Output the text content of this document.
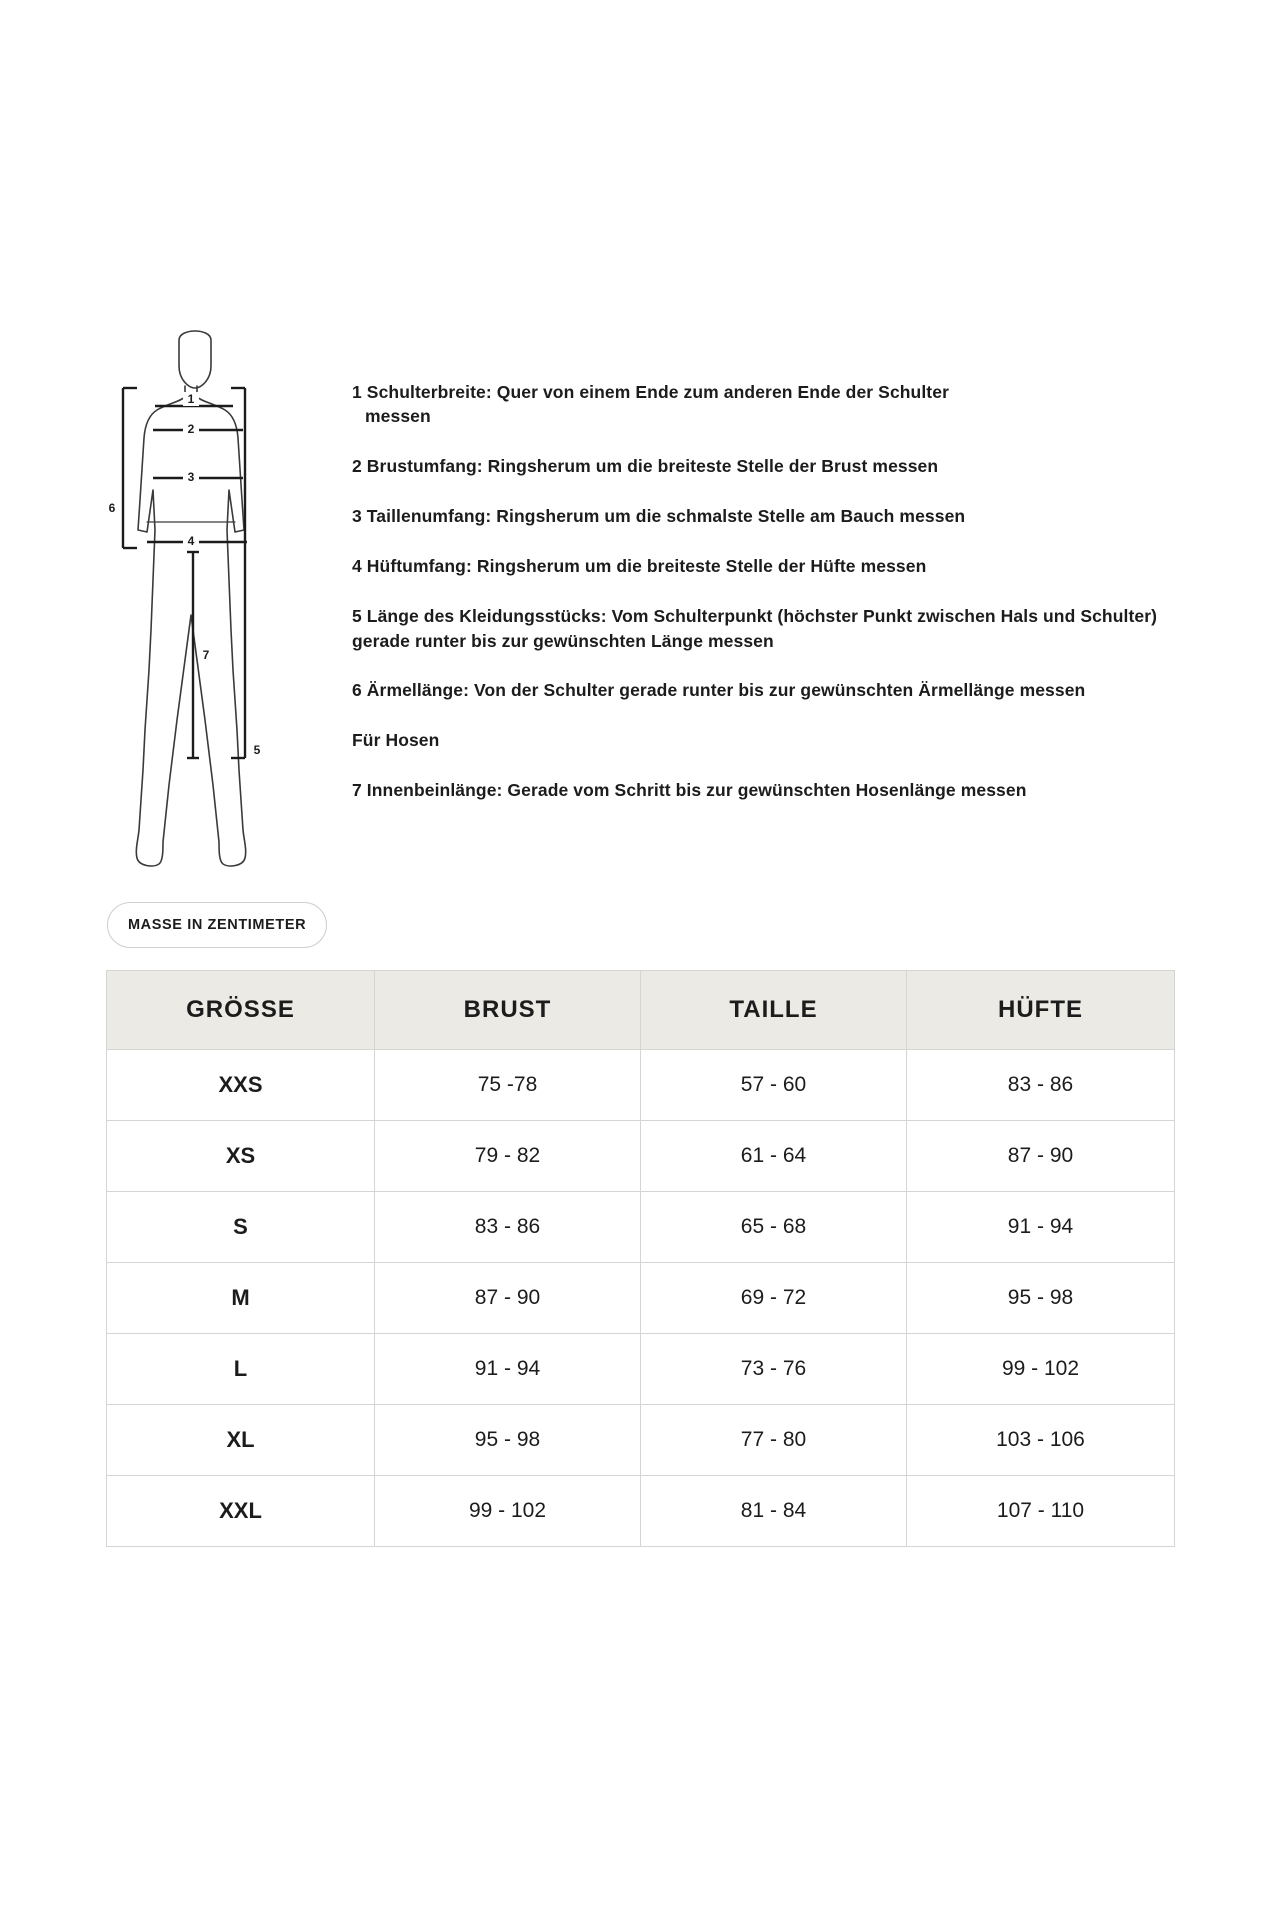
1
2
3
4
5
6
7

1 Schulterbreite: Quer von einem Ende zum anderen Ende der Schulter
messen

2 Brustumfang: Ringsherum um die breiteste Stelle der Brust messen

3 Taillenumfang: Ringsherum um die schmalste Stelle am Bauch messen

4 Hüftumfang: Ringsherum um die breiteste Stelle der Hüfte messen

5 Länge des Kleidungsstücks: Vom Schulterpunkt (höchster Punkt zwischen Hals und Schulter) gerade runter bis zur gewünschten Länge messen

6 Ärmellänge: Von der Schulter gerade runter bis zur gewünschten Ärmellänge messen

Für Hosen

7 Innenbeinlänge: Gerade vom Schritt bis zur gewünschten Hosenlänge messen

MASSE IN ZENTIMETER
GRÖSSE	BRUST	TAILLE	HÜFTE
XXS	75 -78	57 - 60	83 - 86
XS	79 - 82	61 - 64	87 - 90
S	83 - 86	65 - 68	91 - 94
M	87 - 90	69 - 72	95 - 98
L	91 - 94	73 - 76	99 - 102
XL	95 - 98	77 - 80	103 - 106
XXL	99 - 102	81 - 84	107 - 110
